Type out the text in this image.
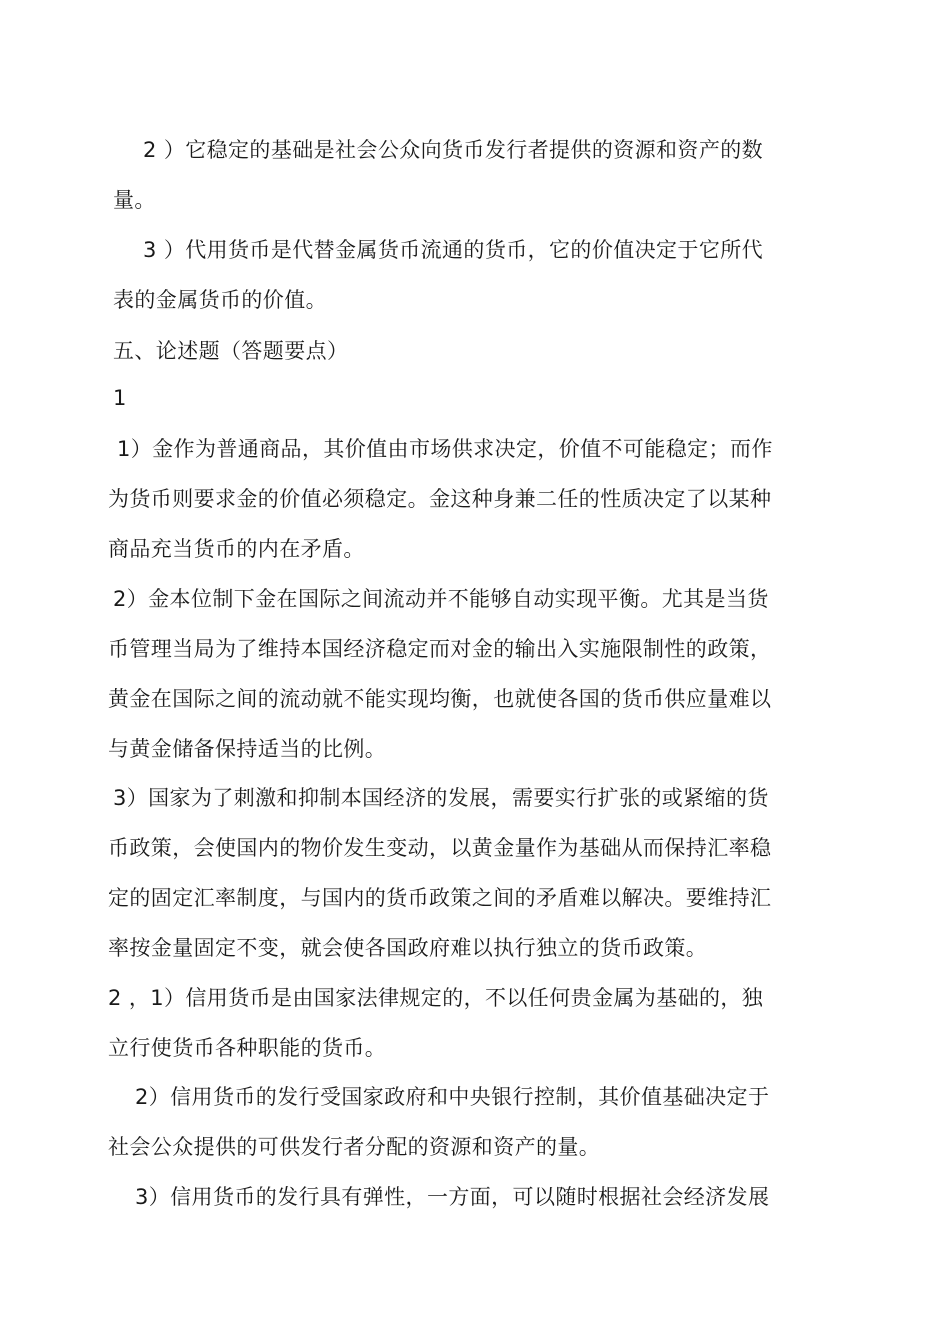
2 ）它稳定的基础是社会公众向货币发行者提供的资源和资产的数
量。
3 ）代用货币是代替金属货币流通的货币，它的价值决定于它所代
表的金属货币的价值。
五、论述题（答题要点）
1
1）金作为普通商品，其价值由市场供求决定，价值不可能稳定；而作
为货币则要求金的价值必须稳定。金这种身兼二任的性质决定了以某种
商品充当货币的内在矛盾。
2）金本位制下金在国际之间流动并不能够自动实现平衡。尤其是当货
币管理当局为了维持本国经济稳定而对金的输出入实施限制性的政策，
黄金在国际之间的流动就不能实现均衡，也就使各国的货币供应量难以
与黄金储备保持适当的比例。
3）国家为了刺激和抑制本国经济的发展，需要实行扩张的或紧缩的货
币政策，会使国内的物价发生变动，以黄金量作为基础从而保持汇率稳
定的固定汇率制度，与国内的货币政策之间的矛盾难以解决。要维持汇
率按金量固定不变，就会使各国政府难以执行独立的货币政策。
2 ，1）信用货币是由国家法律规定的，不以任何贵金属为基础的，独
立行使货币各种职能的货币。
2）信用货币的发行受国家政府和中央银行控制，其价值基础决定于
社会公众提供的可供发行者分配的资源和资产的量。
3）信用货币的发行具有弹性，一方面，可以随时根据社会经济发展
